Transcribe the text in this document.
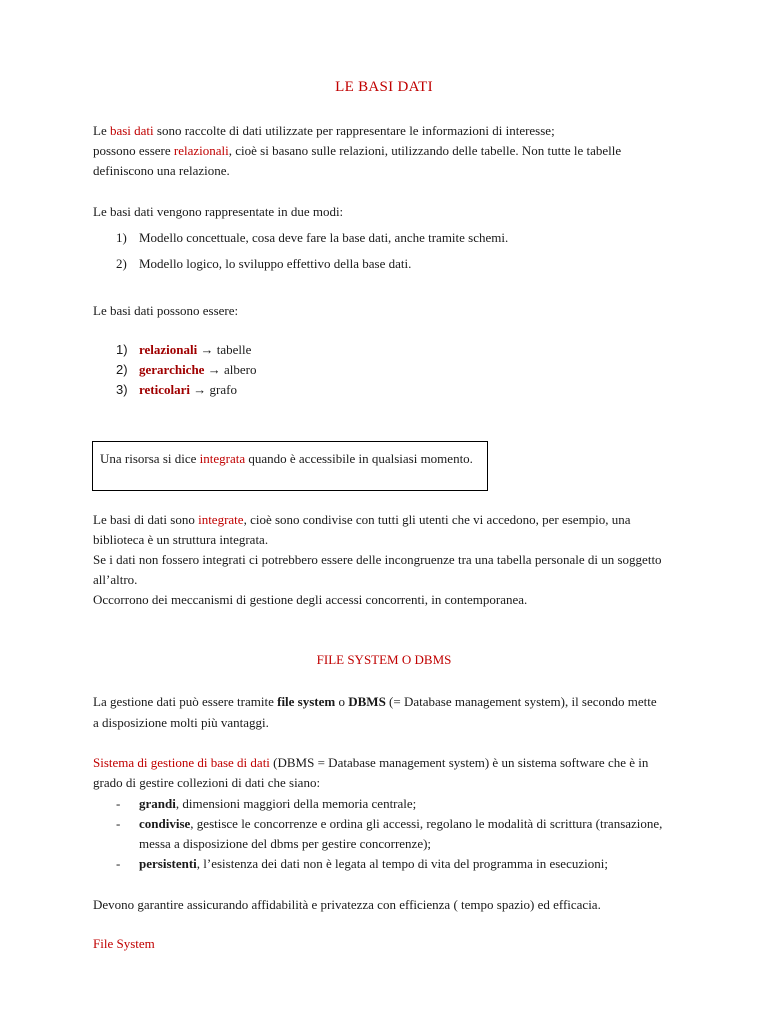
LE BASI DATI
Le basi dati sono raccolte di dati utilizzate per rappresentare le informazioni di interesse;
possono essere relazionali, cioè si basano sulle relazioni, utilizzando delle tabelle. Non tutte le tabelle
definiscono una relazione.
Le basi dati vengono rappresentate in due modi:
1) Modello concettuale, cosa deve fare la base dati, anche tramite schemi.
2) Modello logico, lo sviluppo effettivo della base dati.
Le basi dati possono essere:
1) relazionali → tabelle
2) gerarchiche → albero
3) reticolari → grafo
Una risorsa si dice integrata quando è accessibile in qualsiasi momento.
Le basi di dati sono integrate, cioè sono condivise con tutti gli utenti che vi accedono, per esempio, una
biblioteca è un struttura integrata.
Se i dati non fossero integrati ci potrebbero essere delle incongruenze tra una tabella personale di un soggetto
all’altro.
Occorrono dei meccanismi di gestione degli accessi concorrenti, in contemporanea.
FILE SYSTEM O DBMS
La gestione dati può essere tramite file system o DBMS (= Database management system), il secondo mette
a disposizione molti più vantaggi.
Sistema di gestione di base di dati (DBMS = Database management system) è un sistema software che è in
grado di gestire collezioni di dati che siano:
- grandi, dimensioni maggiori della memoria centrale;
- condivise, gestisce le concorrenze e ordina gli accessi, regolano le modalità di scrittura (transazione,
messa a disposizione del dbms per gestire concorrenze);
- persistenti, l’esistenza dei dati non è legata al tempo di vita del programma in esecuzioni;
Devono garantire assicurando affidabilità e privatezza con efficienza ( tempo spazio) ed efficacia.
File System
